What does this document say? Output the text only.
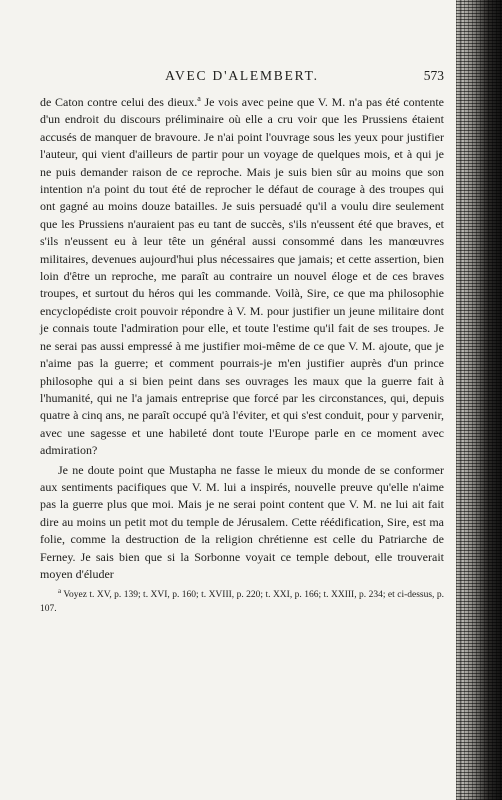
AVEC D'ALEMBERT.	573

de Caton contre celui des dieux.$^a$ Je vois avec peine que V. M. n'a pas été contente d'un endroit du discours préliminaire où elle a cru voir que les Prussiens étaient accusés de manquer de bravoure. Je n'ai point l'ouvrage sous les yeux pour justifier l'auteur, qui vient d'ailleurs de partir pour un voyage de quelques mois, et à qui je ne puis demander raison de ce reproche. Mais je suis bien sûr au moins que son intention n'a point du tout été de reprocher le défaut de courage à des troupes qui ont gagné au moins douze batailles. Je suis persuadé qu'il a voulu dire seulement que les Prussiens n'auraient pas eu tant de succès, s'ils n'eussent été que braves, et s'ils n'eussent eu à leur tête un général aussi consommé dans les manœuvres militaires, devenues aujourd'hui plus nécessaires que jamais; et cette assertion, bien loin d'être un reproche, me paraît au contraire un nouvel éloge et de ces braves troupes, et surtout du héros qui les commande. Voilà, Sire, ce que ma philosophie encyclopédiste croit pouvoir répondre à V. M. pour justifier un jeune militaire dont je connais toute l'admiration pour elle, et toute l'estime qu'il fait de ses troupes. Je ne serai pas aussi empressé à me justifier moi-même de ce que V. M. ajoute, que je n'aime pas la guerre; et comment pourrais-je m'en justifier auprès d'un prince philosophe qui a si bien peint dans ses ouvrages les maux que la guerre fait à l'humanité, qui ne l'a jamais entreprise que forcé par les circonstances, qui, depuis quatre à cinq ans, ne paraît occupé qu'à l'éviter, et qui s'est conduit, pour y parvenir, avec une sagesse et une habileté dont toute l'Europe parle en ce moment avec admiration?

Je ne doute point que Mustapha ne fasse le mieux du monde de se conformer aux sentiments pacifiques que V. M. lui a inspirés, nouvelle preuve qu'elle n'aime pas la guerre plus que moi. Mais je ne serai point content que V. M. ne lui ait fait dire au moins un petit mot du temple de Jérusalem. Cette réédification, Sire, est ma folie, comme la destruction de la religion chrétienne est celle du Patriarche de Ferney. Je sais bien que si la Sorbonne voyait ce temple debout, elle trouverait moyen d'éluder

$^a$ Voyez t. XV, p. 139; t. XVI, p. 160; t. XVIII, p. 220; t. XXI, p. 166; t. XXIII, p. 234; et ci-dessus, p. 107.
